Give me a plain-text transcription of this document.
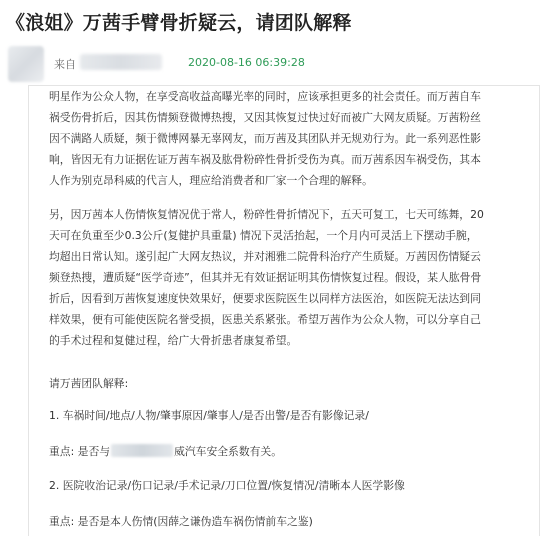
《浪姐》万茜手臂骨折疑云，请团队解释
来自	2020-08-16 06:39:28
明星作为公众人物，在享受高收益高曝光率的同时，应该承担更多的社会责任。而万茜自车
祸受伤骨折后，因其伤情频登微博热搜，又因其恢复过快过好而被广大网友质疑。万茜粉丝
因不满路人质疑，频于微博网暴无辜网友，而万茜及其团队并无规劝行为。此一系列恶性影
响，皆因无有力证据佐证万茜车祸及肱骨粉碎性骨折受伤为真。而万茜系因车祸受伤，其本
人作为别克昂科威的代言人，理应给消费者和厂家一个合理的解释。
另，因万茜本人伤情恢复情况优于常人，粉碎性骨折情况下，五天可复工，七天可练舞，20
天可在负重至少0.3公斤(复健护具重量) 情况下灵活抬起，一个月内可灵活上下摆动手腕，
均超出日常认知。遂引起广大网友热议，并对湘雅二院骨科治疗产生质疑。万茜因伤情疑云
频登热搜，遭质疑“医学奇迹”，但其并无有效证据证明其伤情恢复过程。假设，某人肱骨骨
折后，因看到万茜恢复速度快效果好，便要求医院医生以同样方法医治，如医院无法达到同
样效果，便有可能使医院名誉受损，医患关系紧张。希望万茜作为公众人物，可以分享自己
的手术过程和复健过程，给广大骨折患者康复希望。
请万茜团队解释:
1. 车祸时间/地点/人物/肇事原因/肇事人/是否出警/是否有影像记录/
重点: 是否与	威汽车安全系数有关。
2. 医院收治记录/伤口记录/手术记录/刀口位置/恢复情况/清晰本人医学影像
重点: 是否是本人伤情(因薛之谦伪造车祸伤情前车之鉴)
